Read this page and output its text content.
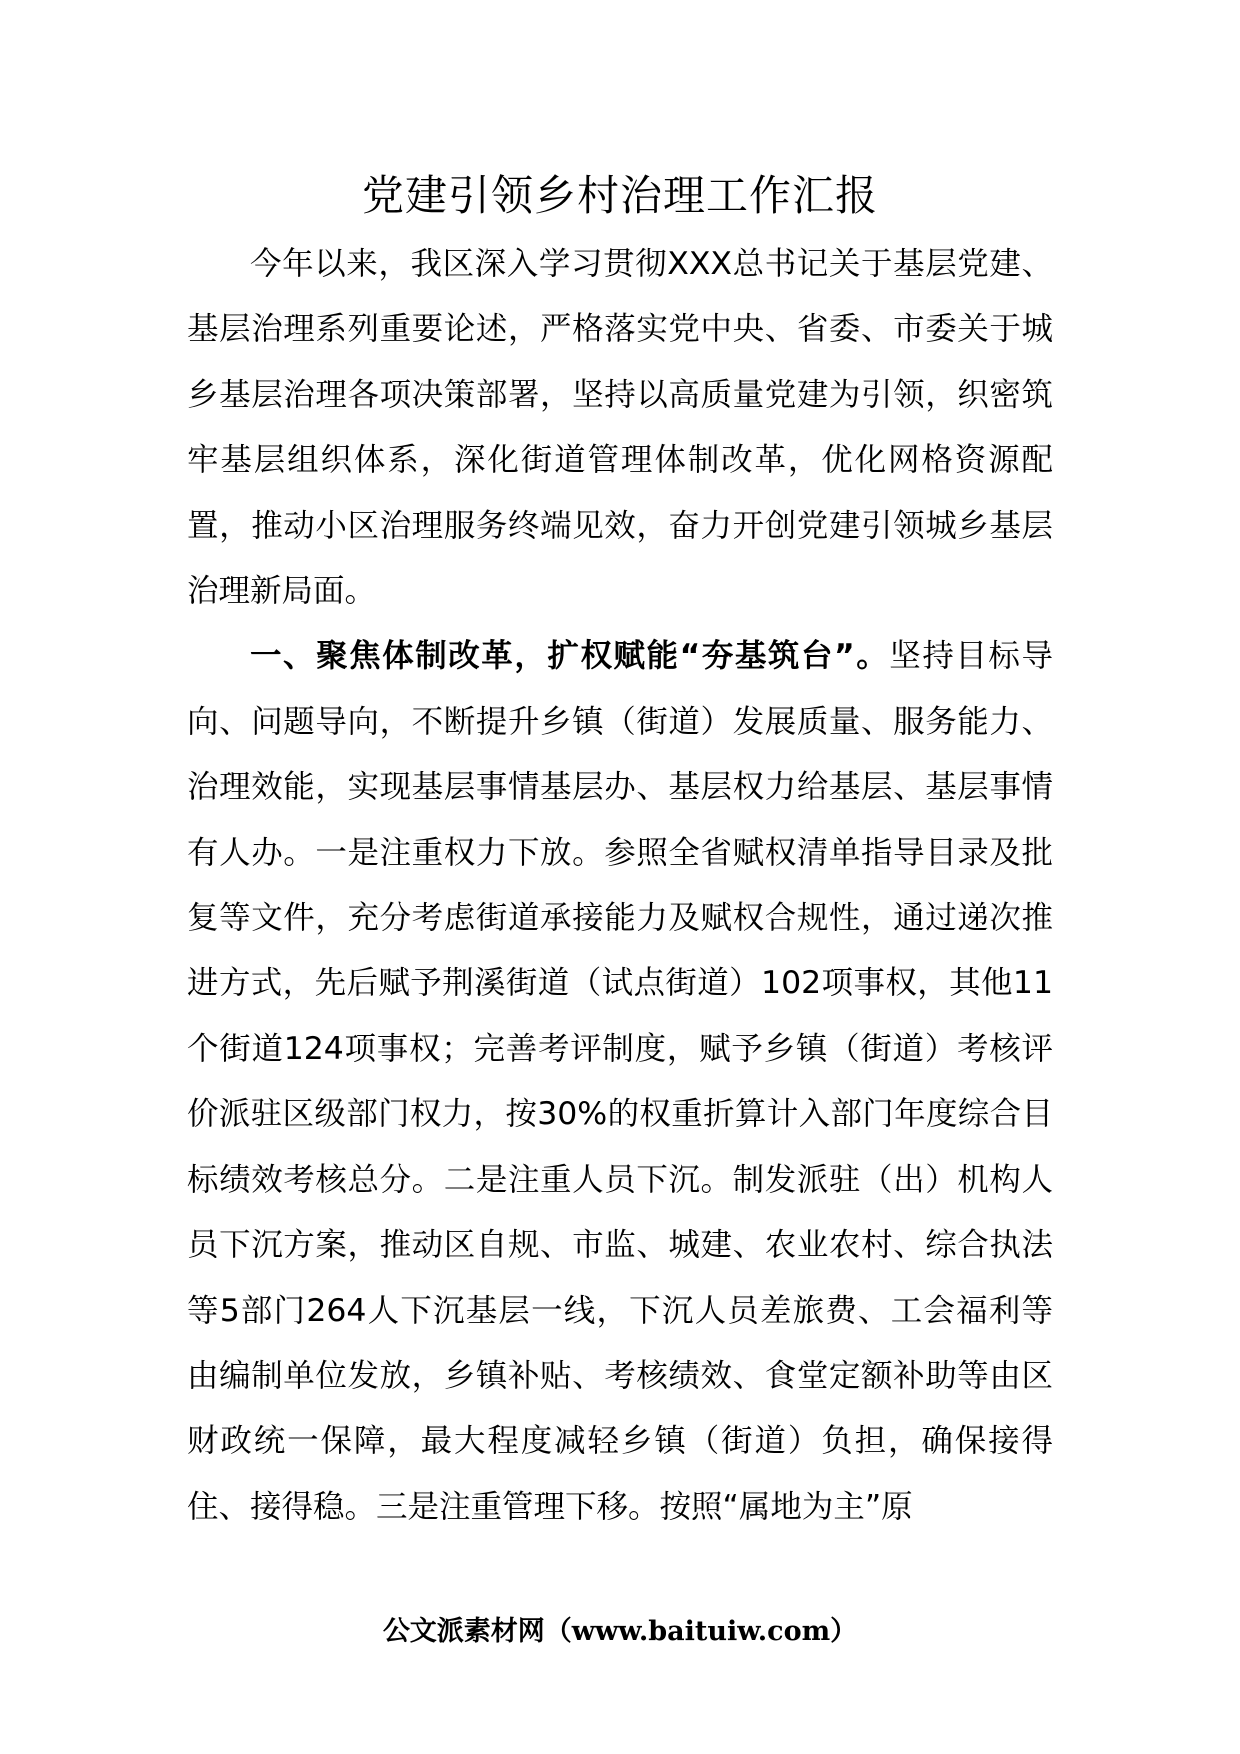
党建引领乡村治理工作汇报

今年以来，我区深入学习贯彻XXX总书记关于基层党建、基层治理系列重要论述，严格落实党中央、省委、市委关于城乡基层治理各项决策部署，坚持以高质量党建为引领，织密筑牢基层组织体系，深化街道管理体制改革，优化网格资源配置，推动小区治理服务终端见效，奋力开创党建引领城乡基层治理新局面。

一、聚焦体制改革，扩权赋能“夯基筑台”。坚持目标导向、问题导向，不断提升乡镇（街道）发展质量、服务能力、治理效能，实现基层事情基层办、基层权力给基层、基层事情有人办。一是注重权力下放。参照全省赋权清单指导目录及批复等文件，充分考虑街道承接能力及赋权合规性，通过递次推进方式，先后赋予荆溪街道（试点街道）102项事权，其他11个街道124项事权；完善考评制度，赋予乡镇（街道）考核评价派驻区级部门权力，按30%的权重折算计入部门年度综合目标绩效考核总分。二是注重人员下沉。制发派驻（出）机构人员下沉方案，推动区自规、市监、城建、农业农村、综合执法等5部门264人下沉基层一线，下沉人员差旅费、工会福利等由编制单位发放，乡镇补贴、考核绩效、食堂定额补助等由区财政统一保障，最大程度减轻乡镇（街道）负担，确保接得住、接得稳。三是注重管理下移。按照“属地为主”原

公文派素材网（www.baituiw.com）
